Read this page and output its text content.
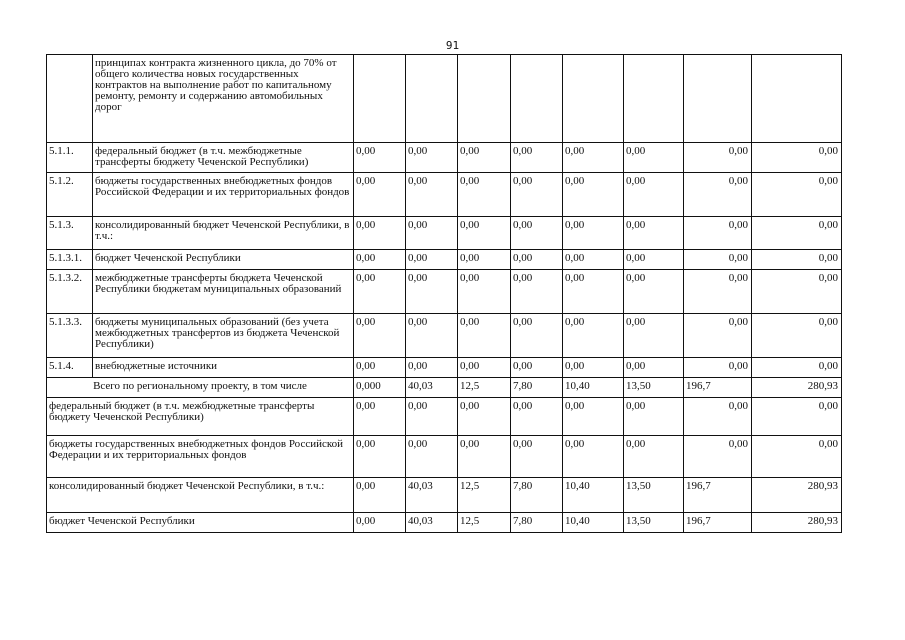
91
	принципах контракта жизненного цикла, до 70% от общего количества новых государственных контрактов на выполнение работ по капитальному ремонту, ремонту и содержанию автомобильных дорог								
5.1.1.	федеральный бюджет (в т.ч. межбюджетные трансферты бюджету Чеченской Республики)	0,00	0,00	0,00	0,00	0,00	0,00	0,00	0,00
5.1.2.	бюджеты государственных внебюджетных фондов Российской Федерации и их территориальных фондов	0,00	0,00	0,00	0,00	0,00	0,00	0,00	0,00
5.1.3.	консолидированный бюджет Чеченской Республики, в т.ч.:	0,00	0,00	0,00	0,00	0,00	0,00	0,00	0,00
5.1.3.1.	бюджет Чеченской Республики	0,00	0,00	0,00	0,00	0,00	0,00	0,00	0,00
5.1.3.2.	межбюджетные трансферты бюджета Чеченской Республики бюджетам муниципальных образований	0,00	0,00	0,00	0,00	0,00	0,00	0,00	0,00
5.1.3.3.	бюджеты муниципальных образований (без учета межбюджетных трансфертов из бюджета Чеченской Республики)	0,00	0,00	0,00	0,00	0,00	0,00	0,00	0,00
5.1.4.	внебюджетные источники	0,00	0,00	0,00	0,00	0,00	0,00	0,00	0,00
Всего по региональному проекту, в том числе		0,000	40,03	12,5	7,80	10,40	13,50	196,7	280,93
федеральный бюджет (в т.ч. межбюджетные трансферты бюджету Чеченской Республики)		0,00	0,00	0,00	0,00	0,00	0,00	0,00	0,00
бюджеты государственных внебюджетных фондов Российской Федерации и их территориальных фондов		0,00	0,00	0,00	0,00	0,00	0,00	0,00	0,00
консолидированный бюджет Чеченской Республики, в т.ч.:		0,00	40,03	12,5	7,80	10,40	13,50	196,7	280,93
бюджет Чеченской Республики		0,00	40,03	12,5	7,80	10,40	13,50	196,7	280,93
